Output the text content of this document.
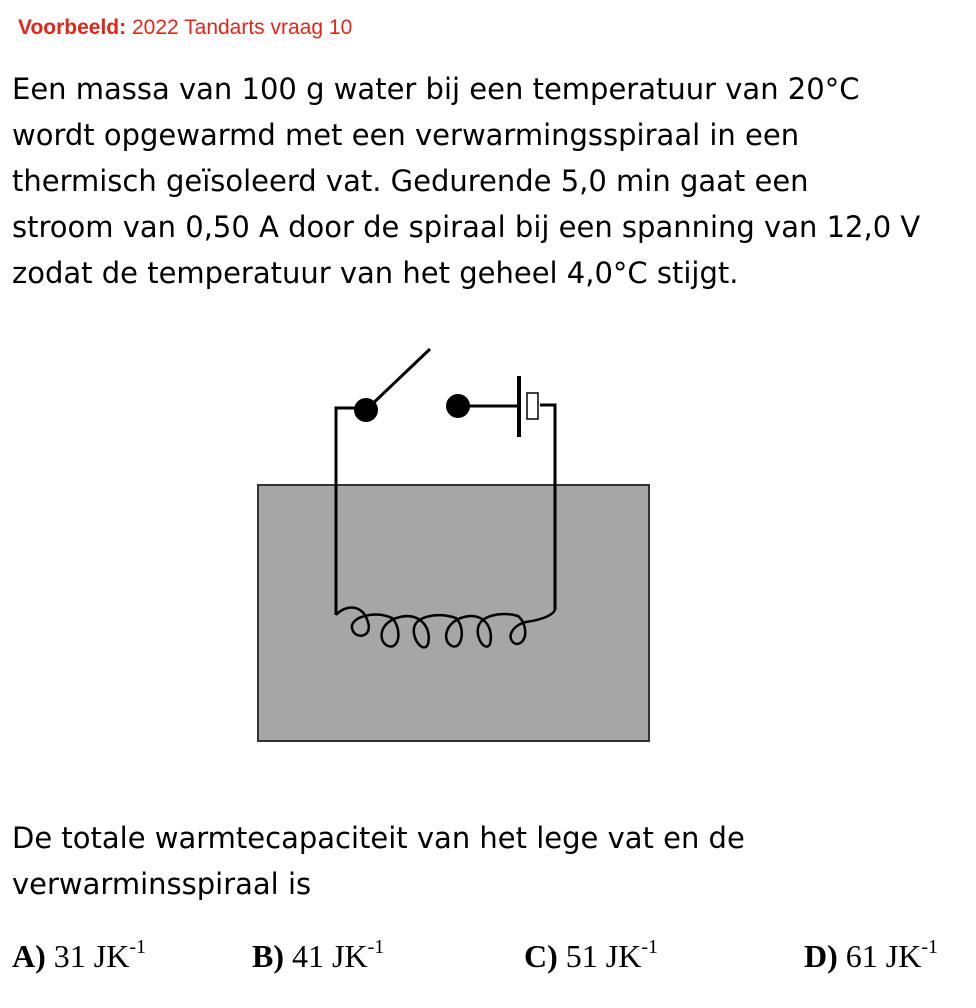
Voorbeeld: 2022 Tandarts vraag 10
Een massa van 100 g water bij een temperatuur van 20°C
wordt opgewarmd met een verwarmingsspiraal in een
thermisch geïsoleerd vat. Gedurende 5,0 min gaat een
stroom van 0,50 A door de spiraal bij een spanning van 12,0 V
zodat de temperatuur van het geheel 4,0°C stijgt.
De totale warmtecapaciteit van het lege vat en de
verwarminsspiraal is
A) 31 $JK^{-1}$	B) 41 $JK^{-1}$	C) 51 $JK^{-1}$	D) 61 $JK^{-1}$
